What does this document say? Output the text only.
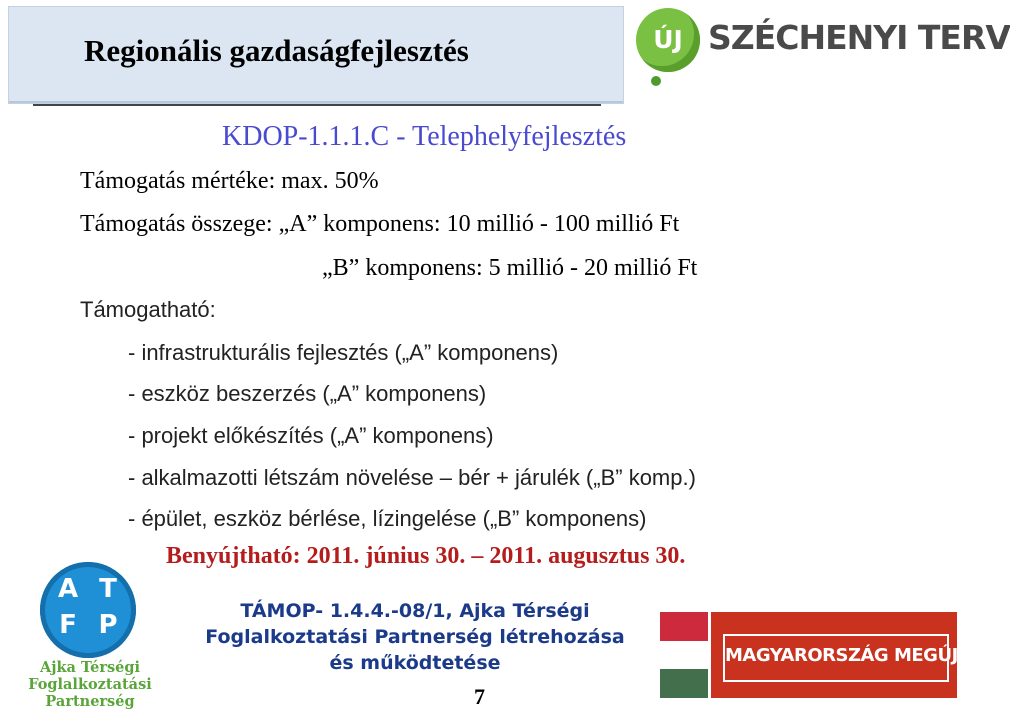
Regionális gazdaságfejlesztés	ÚJ SZÉCHENYI TERV
KDOP-1.1.1.C - Telephelyfejlesztés
Támogatás mértéke: max. 50%
Támogatás összege: „A” komponens: 10 millió - 100 millió Ft
„B” komponens: 5 millió - 20 millió Ft
Támogatható:
- infrastrukturális fejlesztés („A” komponens)
- eszköz beszerzés („A” komponens)
- projekt előkészítés („A” komponens)
- alkalmazotti létszám növelése – bér + járulék („B” komp.)
- épület, eszköz bérlése, lízingelése („B” komponens)
Benyújtható: 2011. június 30. – 2011. augusztus 30.
A T
F P
Ajka Térségi
Foglalkoztatási
Partnerség
TÁMOP- 1.4.4.-08/1, Ajka Térségi
Foglalkoztatási Partnerség létrehozása
és működtetése	MAGYARORSZÁG MEGÚJUL
7
